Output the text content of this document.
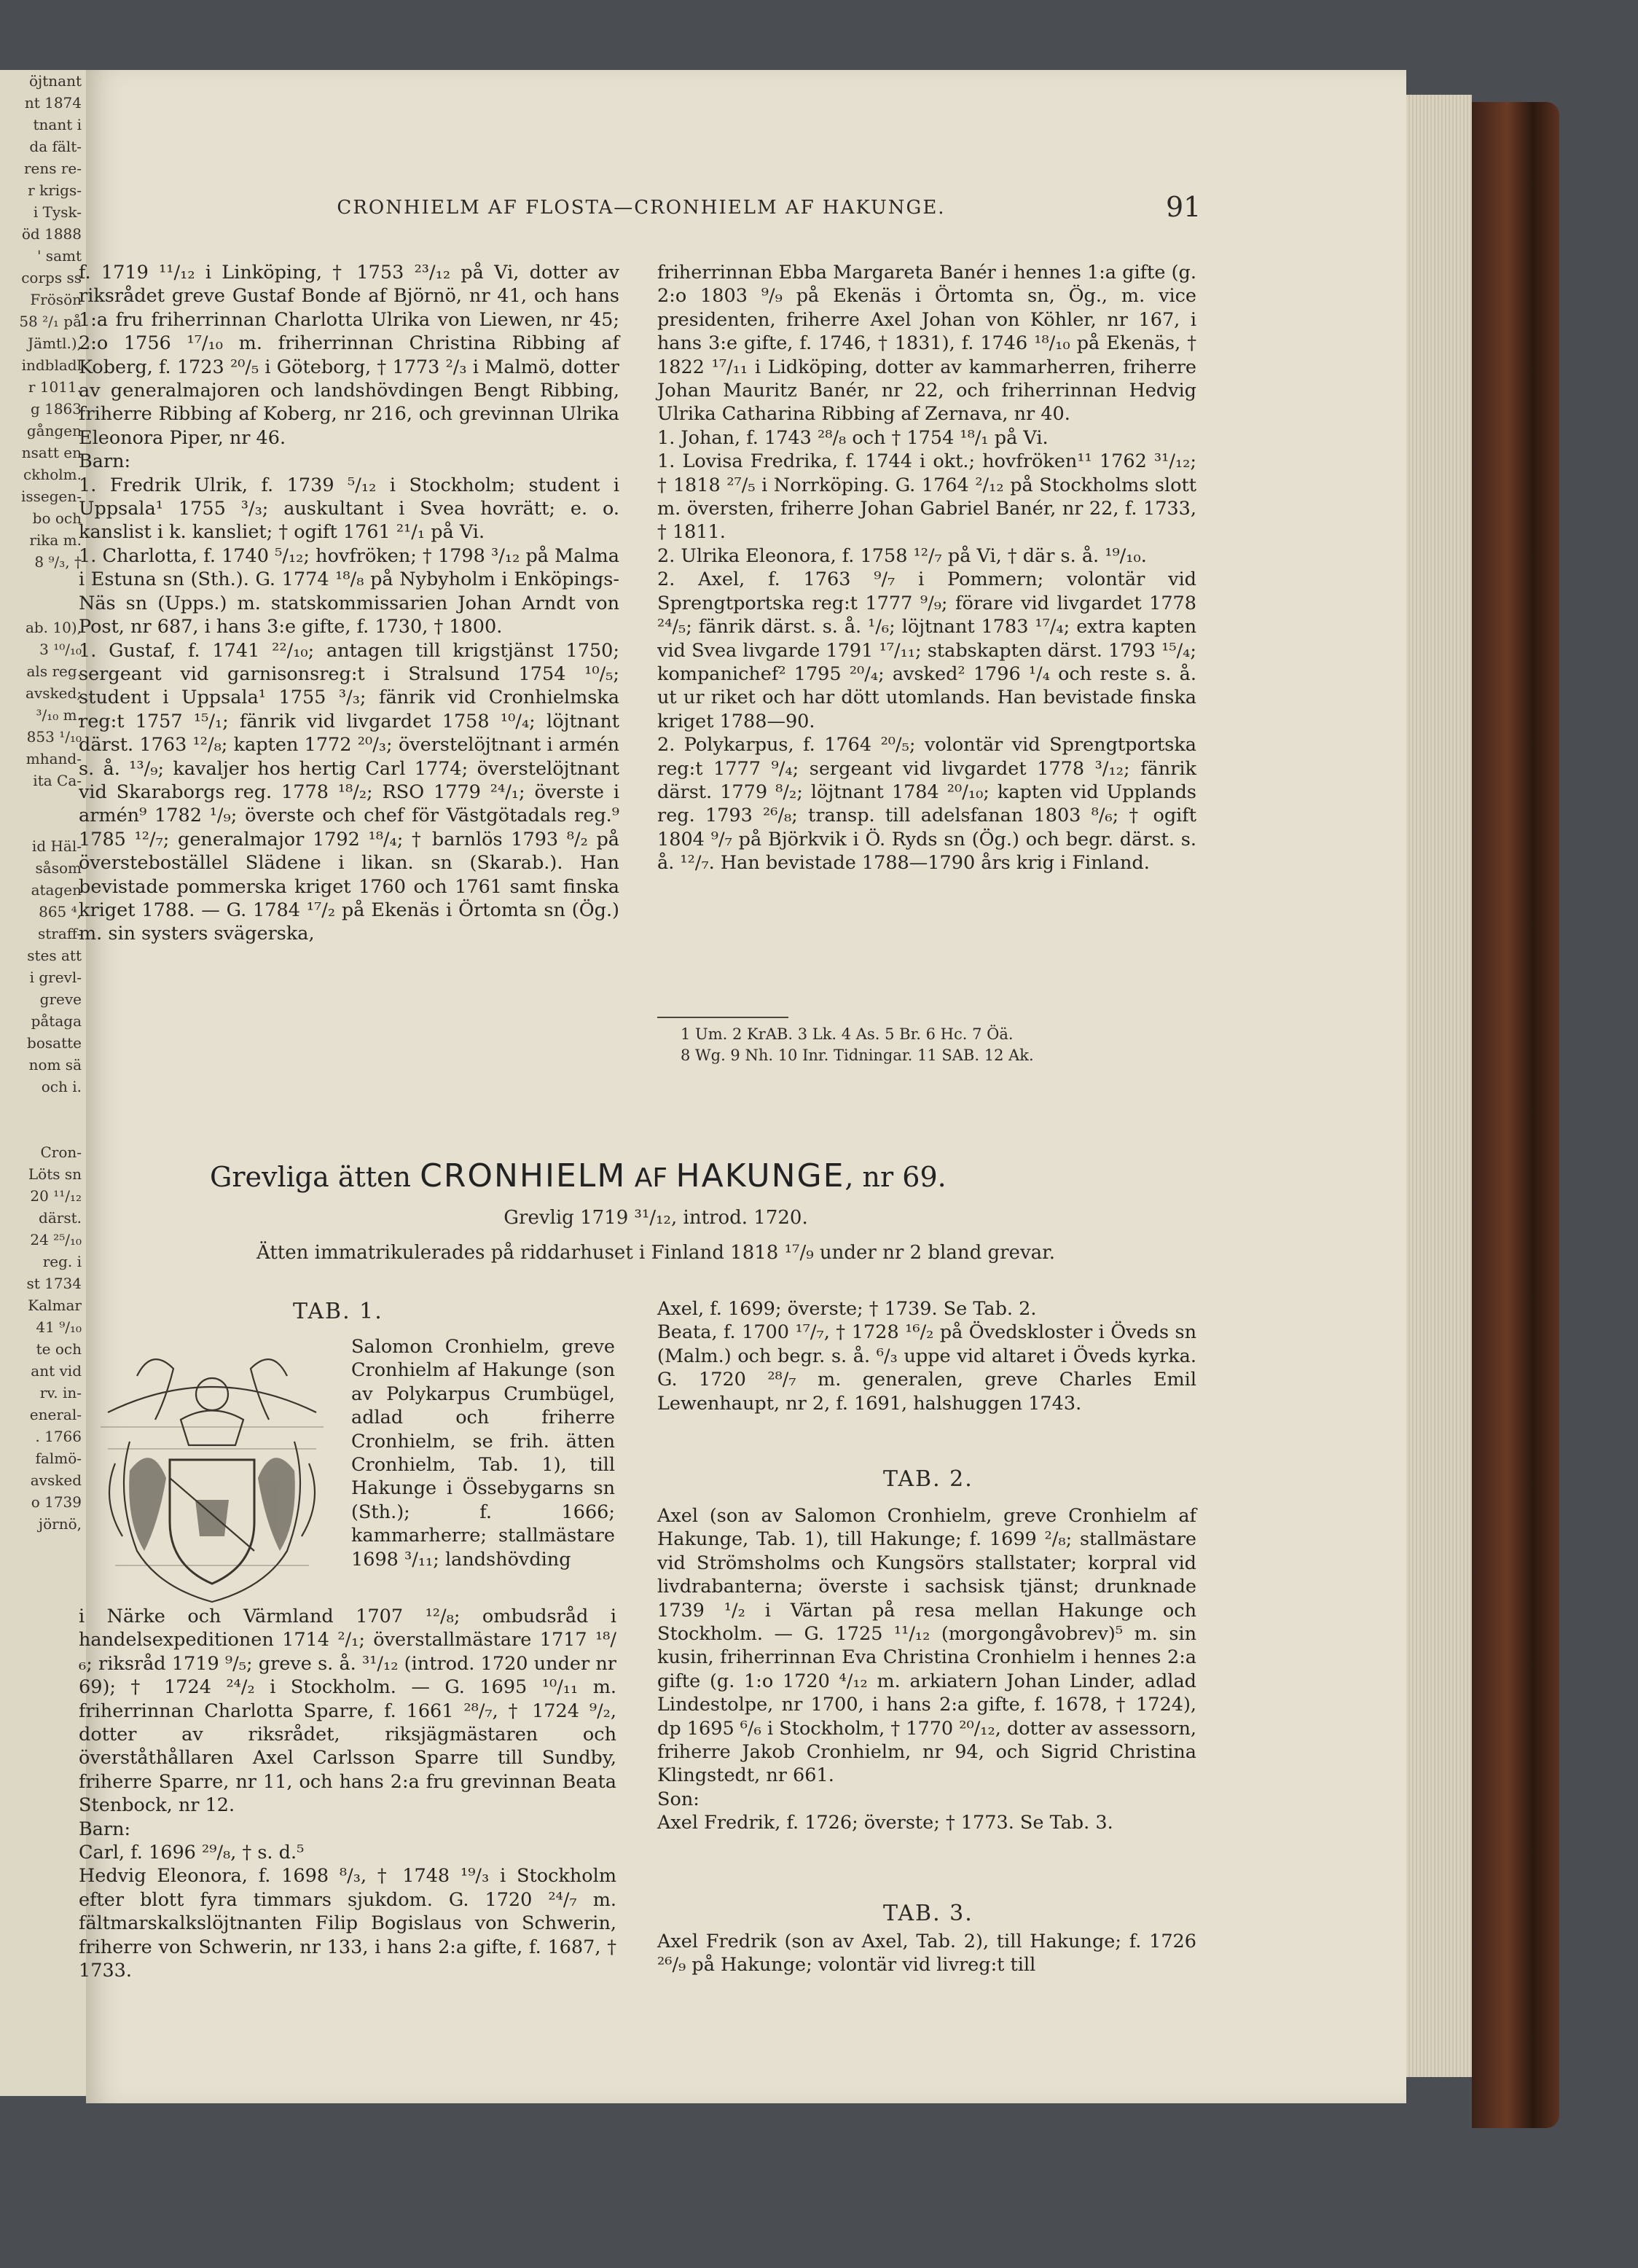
öjtnant
nt 1874
tnant i
da fält-
rens re-
r krigs-
i Tysk-
öd 1888
' samt
corps ss
Frösön
58 ²/₁ på
Jämtl.),
indbladl
r 1011.
g 1863
gången
nsatt en
ckholm.
issegen-
bo och
rika m.
8 ⁹/₃, †

ab. 10),
3 ¹⁰/₁₀
als reg.
avsked;
³/₁₀ m.
853 ¹/₁₀
mhand-
ita Ca-

id Häl-
såsom
atagen
865 ⁴,
straff-
stes att
i grevl-
greve
påtaga
bosatte
nom sä
och i.

Cron-
Löts sn
20 ¹¹/₁₂
därst.
24 ²⁵/₁₀
reg. i
st 1734
Kalmar
41 ⁹/₁₀
te och
ant vid
rv. in-
eneral-
. 1766
falmö-
avsked
o 1739
jörnö,
CRONHIELM AF FLOSTA—CRONHIELM AF HAKUNGE.	91
f. 1719 ¹¹/₁₂ i Linköping, † 1753 ²³/₁₂ på Vi, dotter av riksrådet greve Gustaf Bonde af Björnö, nr 41, och hans 1:a fru friherrinnan Charlotta Ulrika von Liewen, nr 45; 2:o 1756 ¹⁷/₁₀ m. friherrinnan Christina Ribbing af Koberg, f. 1723 ²⁰/₅ i Göteborg, † 1773 ²/₃ i Malmö, dotter av generalmajoren och landshövdingen Bengt Ribbing, friherre Ribbing af Koberg, nr 216, och grevinnan Ulrika Eleonora Piper, nr 46.
Barn:
1. Fredrik Ulrik, f. 1739 ⁵/₁₂ i Stockholm; student i Uppsala¹ 1755 ³/₃; auskultant i Svea hovrätt; e. o. kanslist i k. kansliet; † ogift 1761 ²¹/₁ på Vi.
1. Charlotta, f. 1740 ⁵/₁₂; hovfröken; † 1798 ³/₁₂ på Malma i Estuna sn (Sth.). G. 1774 ¹⁸/₈ på Nybyholm i Enköpings-Näs sn (Upps.) m. statskommissarien Johan Arndt von Post, nr 687, i hans 3:e gifte, f. 1730, † 1800.
1. Gustaf, f. 1741 ²²/₁₀; antagen till krigstjänst 1750; sergeant vid garnisonsreg:t i Stralsund 1754 ¹⁰/₅; student i Uppsala¹ 1755 ³/₃; fänrik vid Cronhielmska reg:t 1757 ¹⁵/₁; fänrik vid livgardet 1758 ¹⁰/₄; löjtnant därst. 1763 ¹²/₈; kapten 1772 ²⁰/₃; överstelöjtnant i armén s. å. ¹³/₉; kavaljer hos hertig Carl 1774; överstelöjtnant vid Skaraborgs reg. 1778 ¹⁸/₂; RSO 1779 ²⁴/₁; överste i armén⁹ 1782 ¹/₉; överste och chef för Västgötadals reg.⁹ 1785 ¹²/₇; generalmajor 1792 ¹⁸/₄; † barnlös 1793 ⁸/₂ på översteboställel Slädene i likan. sn (Skarab.). Han bevistade pommerska kriget 1760 och 1761 samt finska kriget 1788. — G. 1784 ¹⁷/₂ på Ekenäs i Örtomta sn (Ög.) m. sin systers svägerska,
friherrinnan Ebba Margareta Banér i hennes 1:a gifte (g. 2:o 1803 ⁹/₉ på Ekenäs i Örtomta sn, Ög., m. vice presidenten, friherre Axel Johan von Köhler, nr 167, i hans 3:e gifte, f. 1746, † 1831), f. 1746 ¹⁸/₁₀ på Ekenäs, † 1822 ¹⁷/₁₁ i Lidköping, dotter av kammarherren, friherre Johan Mauritz Banér, nr 22, och friherrinnan Hedvig Ulrika Catharina Ribbing af Zernava, nr 40.
1. Johan, f. 1743 ²⁸/₈ och † 1754 ¹⁸/₁ på Vi.
1. Lovisa Fredrika, f. 1744 i okt.; hovfröken¹¹ 1762 ³¹/₁₂; † 1818 ²⁷/₅ i Norrköping. G. 1764 ²/₁₂ på Stockholms slott m. översten, friherre Johan Gabriel Banér, nr 22, f. 1733, † 1811.
2. Ulrika Eleonora, f. 1758 ¹²/₇ på Vi, † där s. å. ¹⁹/₁₀.
2. Axel, f. 1763 ⁹/₇ i Pommern; volontär vid Sprengtportska reg:t 1777 ⁹/₉; förare vid livgardet 1778 ²⁴/₅; fänrik därst. s. å. ¹/₆; löjtnant 1783 ¹⁷/₄; extra kapten vid Svea livgarde 1791 ¹⁷/₁₁; stabskapten därst. 1793 ¹⁵/₄; kompanichef² 1795 ²⁰/₄; avsked² 1796 ¹/₄ och reste s. å. ut ur riket och har dött utomlands. Han bevistade finska kriget 1788—90.
2. Polykarpus, f. 1764 ²⁰/₅; volontär vid Sprengtportska reg:t 1777 ⁹/₄; sergeant vid livgardet 1778 ³/₁₂; fänrik därst. 1779 ⁸/₂; löjtnant 1784 ²⁰/₁₀; kapten vid Upplands reg. 1793 ²⁶/₈; transp. till adelsfanan 1803 ⁸/₆; † ogift 1804 ⁹/₇ på Björkvik i Ö. Ryds sn (Ög.) och begr. därst. s. å. ¹²/₇. Han bevistade 1788—1790 års krig i Finland.
1 Um. 2 KrAB. 3 Lk. 4 As. 5 Br. 6 Hc. 7 Öä.
8 Wg. 9 Nh. 10 Inr. Tidningar. 11 SAB. 12 Ak.
Grevliga ätten CRONHIELM AF HAKUNGE, nr 69.
Grevlig 1719 ³¹/₁₂, introd. 1720.
Ätten immatrikulerades på riddarhuset i Finland 1818 ¹⁷/₉ under nr 2 bland grevar.
TAB. 1.
Salomon Cronhielm, greve Cronhielm af Hakunge (son av Polykarpus Crumbügel, adlad och friherre Cronhielm, se frih. ätten Cronhielm, Tab. 1), till Hakunge i Össebygarns sn (Sth.); f. 1666; kammarherre; stallmästare 1698 ³/₁₁; landshövding
i Närke och Värmland 1707 ¹²/₈; ombudsråd i handelsexpeditionen 1714 ²/₁; överstallmästare 1717 ¹⁸/₆; riksråd 1719 ⁹/₅; greve s. å. ³¹/₁₂ (introd. 1720 under nr 69); † 1724 ²⁴/₂ i Stockholm. — G. 1695 ¹⁰/₁₁ m. friherrinnan Charlotta Sparre, f. 1661 ²⁸/₇, † 1724 ⁹/₂, dotter av riksrådet, riksjägmästaren och överståthållaren Axel Carlsson Sparre till Sundby, friherre Sparre, nr 11, och hans 2:a fru grevinnan Beata Stenbock, nr 12.
Barn:
Carl, f. 1696 ²⁹/₈, † s. d.⁵
Hedvig Eleonora, f. 1698 ⁸/₃, † 1748 ¹⁹/₃ i Stockholm efter blott fyra timmars sjukdom. G. 1720 ²⁴/₇ m. fältmarskalkslöjtnanten Filip Bogislaus von Schwerin, friherre von Schwerin, nr 133, i hans 2:a gifte, f. 1687, † 1733.
Axel, f. 1699; överste; † 1739. Se Tab. 2.
Beata, f. 1700 ¹⁷/₇, † 1728 ¹⁶/₂ på Övedskloster i Öveds sn (Malm.) och begr. s. å. ⁶/₃ uppe vid altaret i Öveds kyrka. G. 1720 ²⁸/₇ m. generalen, greve Charles Emil Lewenhaupt, nr 2, f. 1691, halshuggen 1743.
TAB. 2.
Axel (son av Salomon Cronhielm, greve Cronhielm af Hakunge, Tab. 1), till Hakunge; f. 1699 ²/₈; stallmästare vid Strömsholms och Kungsörs stallstater; korpral vid livdrabanterna; överste i sachsisk tjänst; drunknade 1739 ¹/₂ i Värtan på resa mellan Hakunge och Stockholm. — G. 1725 ¹¹/₁₂ (morgongåvobrev)⁵ m. sin kusin, friherrinnan Eva Christina Cronhielm i hennes 2:a gifte (g. 1:o 1720 ⁴/₁₂ m. arkiatern Johan Linder, adlad Lindestolpe, nr 1700, i hans 2:a gifte, f. 1678, † 1724), dp 1695 ⁶/₆ i Stockholm, † 1770 ²⁰/₁₂, dotter av assessorn, friherre Jakob Cronhielm, nr 94, och Sigrid Christina Klingstedt, nr 661.
Son:
Axel Fredrik, f. 1726; överste; † 1773. Se Tab. 3.
TAB. 3.
Axel Fredrik (son av Axel, Tab. 2), till Hakunge; f. 1726 ²⁶/₉ på Hakunge; volontär vid livreg:t till
